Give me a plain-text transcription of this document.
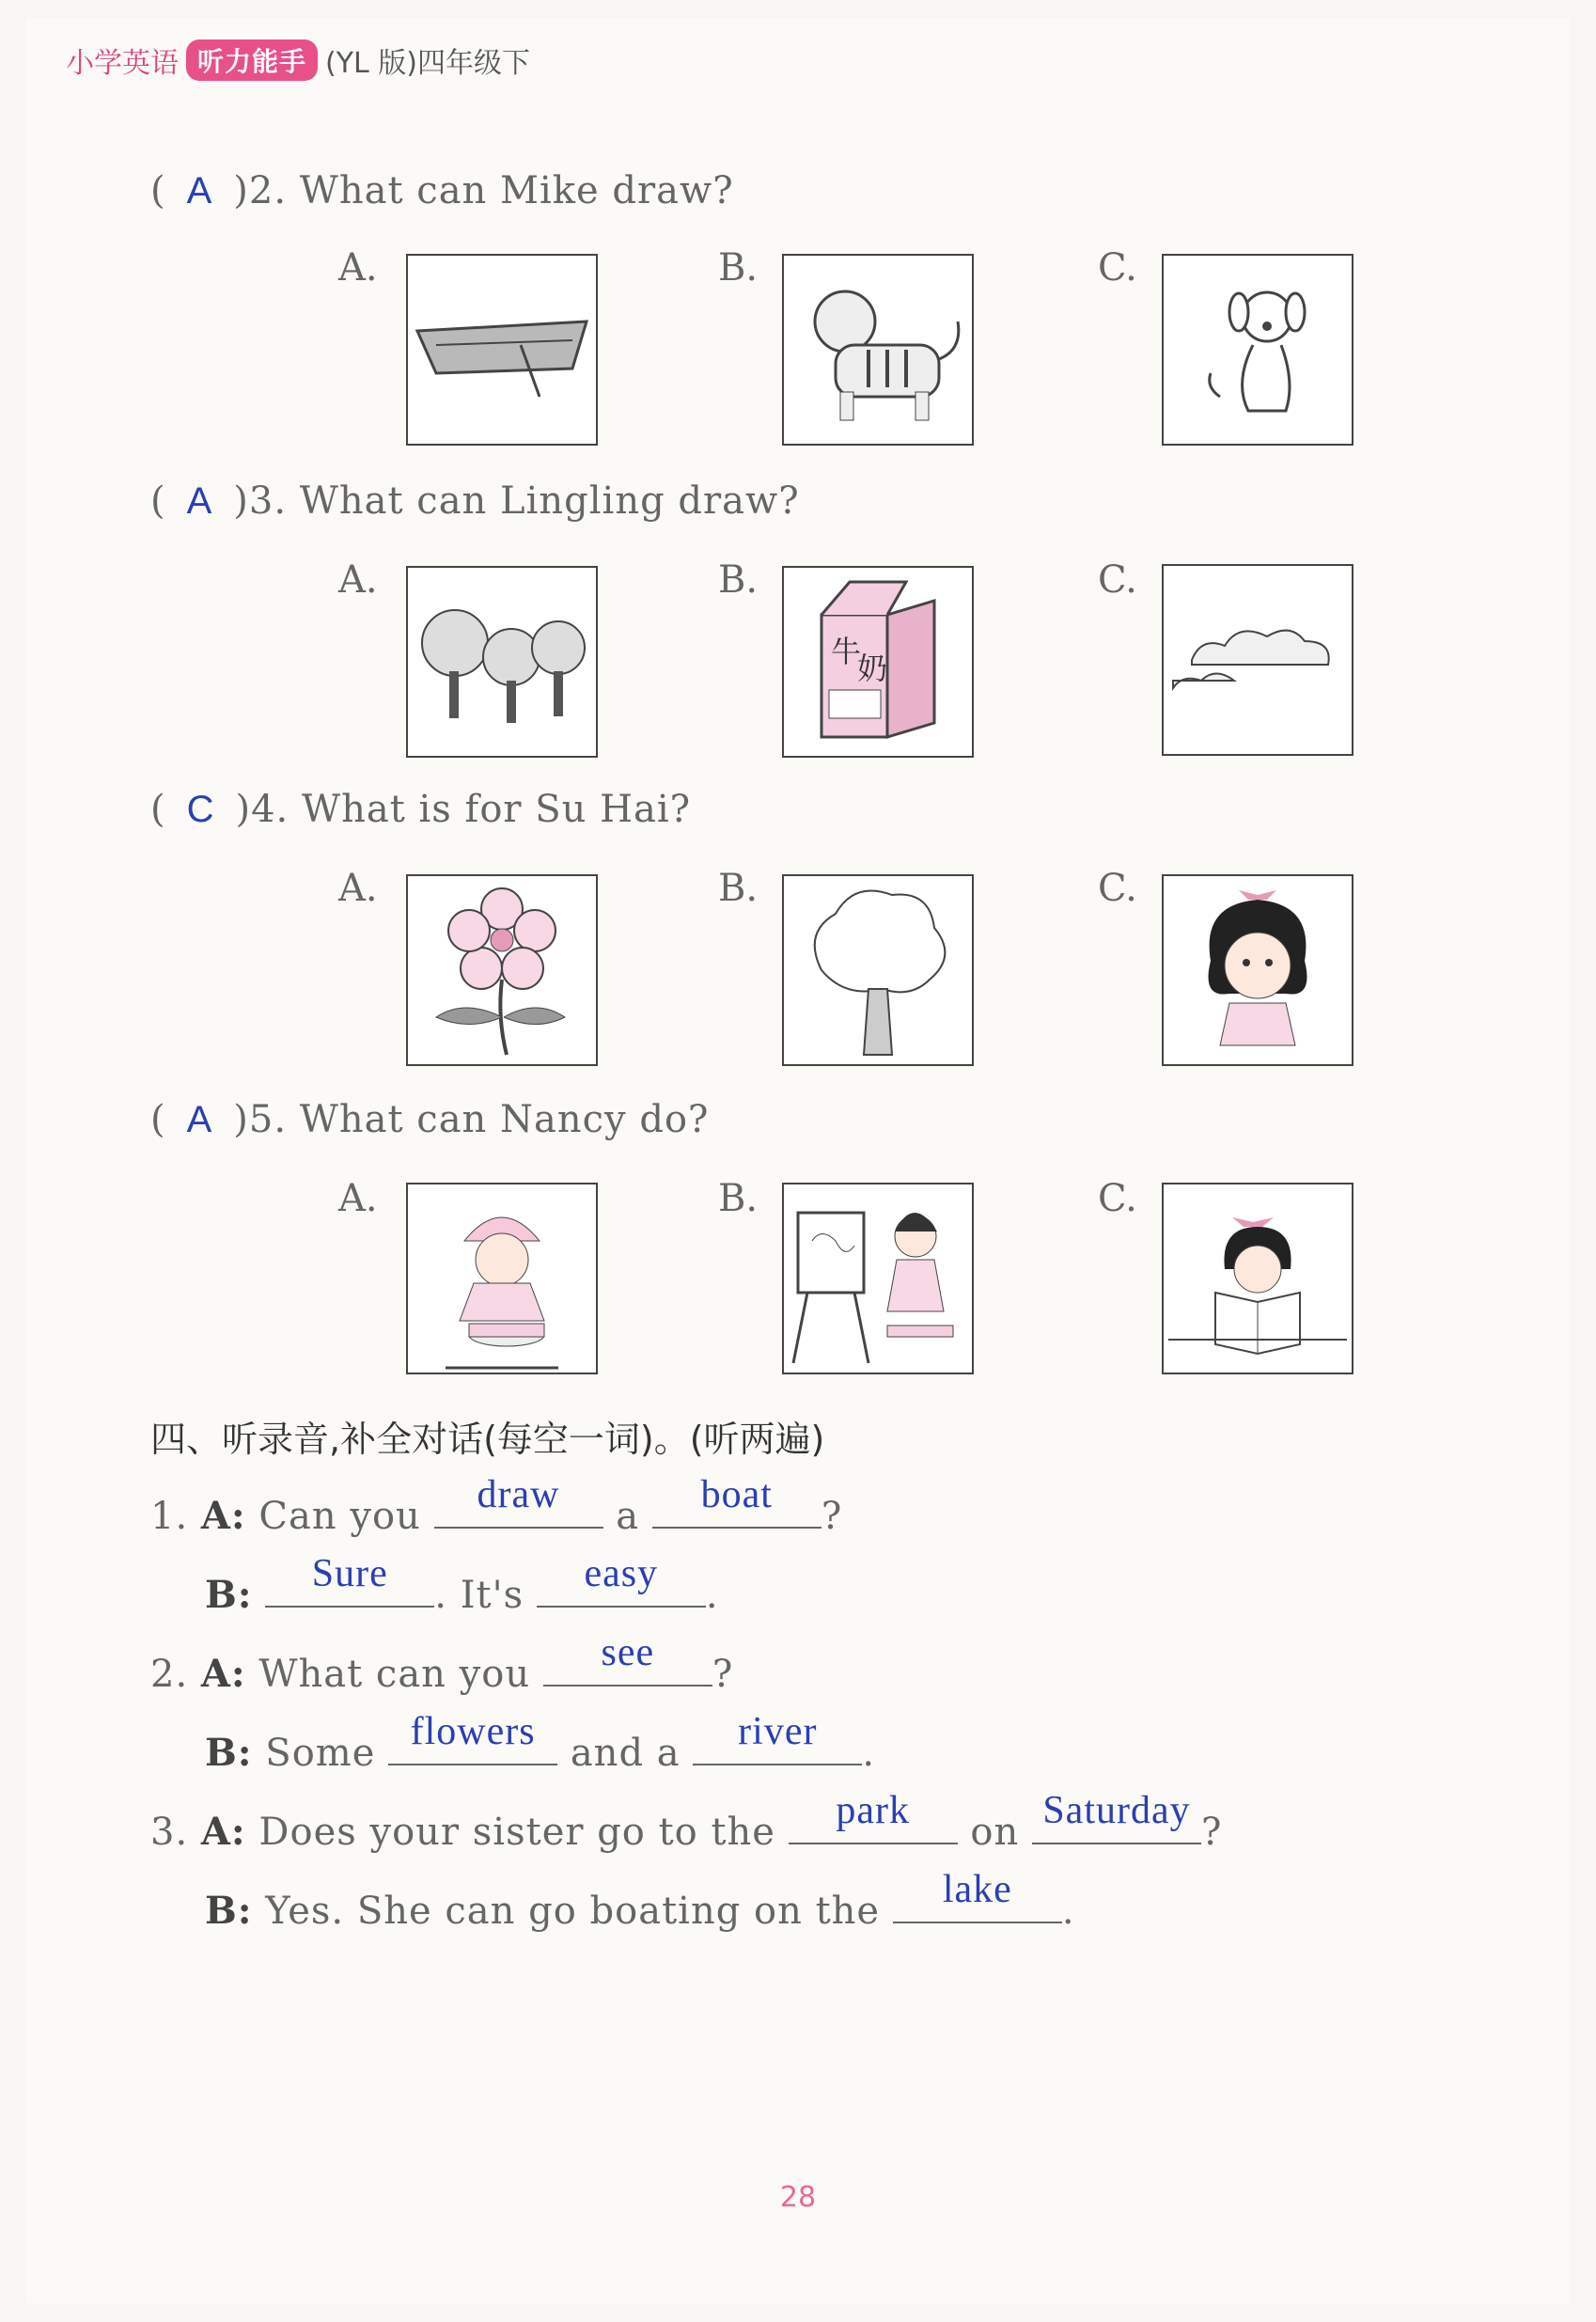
小学英语 听力能手 (YL 版)四年级下
( A )2. What can Mike draw?
A.	B.	C.
( A )3. What can Lingling draw?
A.	B.
牛
奶
C.
( C )4. What is for Su Hai?
A.	B.	C.
( A )5. What can Nancy do?
A.	B.	C.
四、听录音,补全对话(每空一词)。(听两遍)
1. A: Can you	draw	a	boat	?
B:	Sure	. It's	easy	.
2. A: What can you	see	?
B: Some flowers and a	river	.
3. A: Does your sister go to the	park	on Saturday ?
B: Yes. She can go boating on the	lake	.
28
